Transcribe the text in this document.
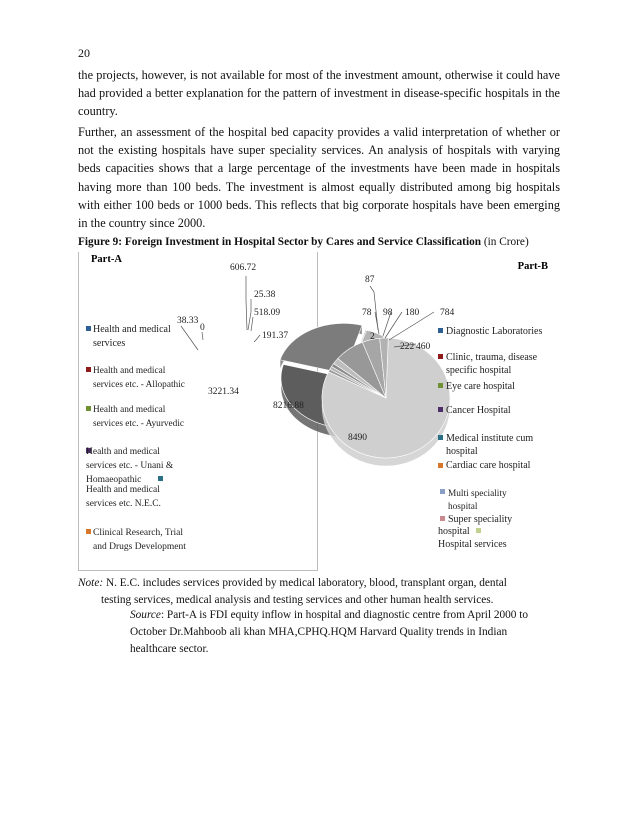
20

the projects, however, is not available for most of the investment amount, otherwise it could have had provided a better explanation for the pattern of investment in disease-specific hospitals in the country.

Further, an assessment of the hospital bed capacity provides a valid interpretation of whether or not the existing hospitals have super speciality services. An analysis of hospitals with varying beds capacities shows that a large percentage of the investments have been made in hospitals having more than 100 beds. The investment is almost equally distributed among big hospitals with either 100 beds or 1000 beds. This reflects that big corporate hospitals have been emerging in the country since 2000.

Figure 9: Foreign Investment in Hospital Sector by Cares and Service Classification (in Crore)
8216.88
3221.34
0
38.33
606.72
25.38
518.09
191.37
Part-A
Health and medical
services
Health and medical
services etc. - Allopathic
Health and medical
services etc. - Ayurvedic
Health and medical
services etc. - Unani &
Homaeopathic
Health and medical
services etc. N.E.C.
Clinical Research, Trial
and Drugs Development
8490
2
78
87
98 180 784
460
222
Part-B
Diagnostic Laboratories
Clinic, trauma, disease
specific hospital
Eye care hospital
Cancer Hospital
Medical institute cum
hospital
Cardiac care hospital
Multi speciality
hospital
Super speciality
hospital
Hospital services
Note: N. E.C. includes services provided by medical laboratory, blood, transplant organ, dental
testing services, medical analysis and testing services and other human health services.
Source: Part-A is FDI equity inflow in hospital and diagnostic centre from April 2000 to October Dr.Mahboob ali khan MHA,CPHQ.HQM Harvard Quality trends in Indian healthcare sector.
